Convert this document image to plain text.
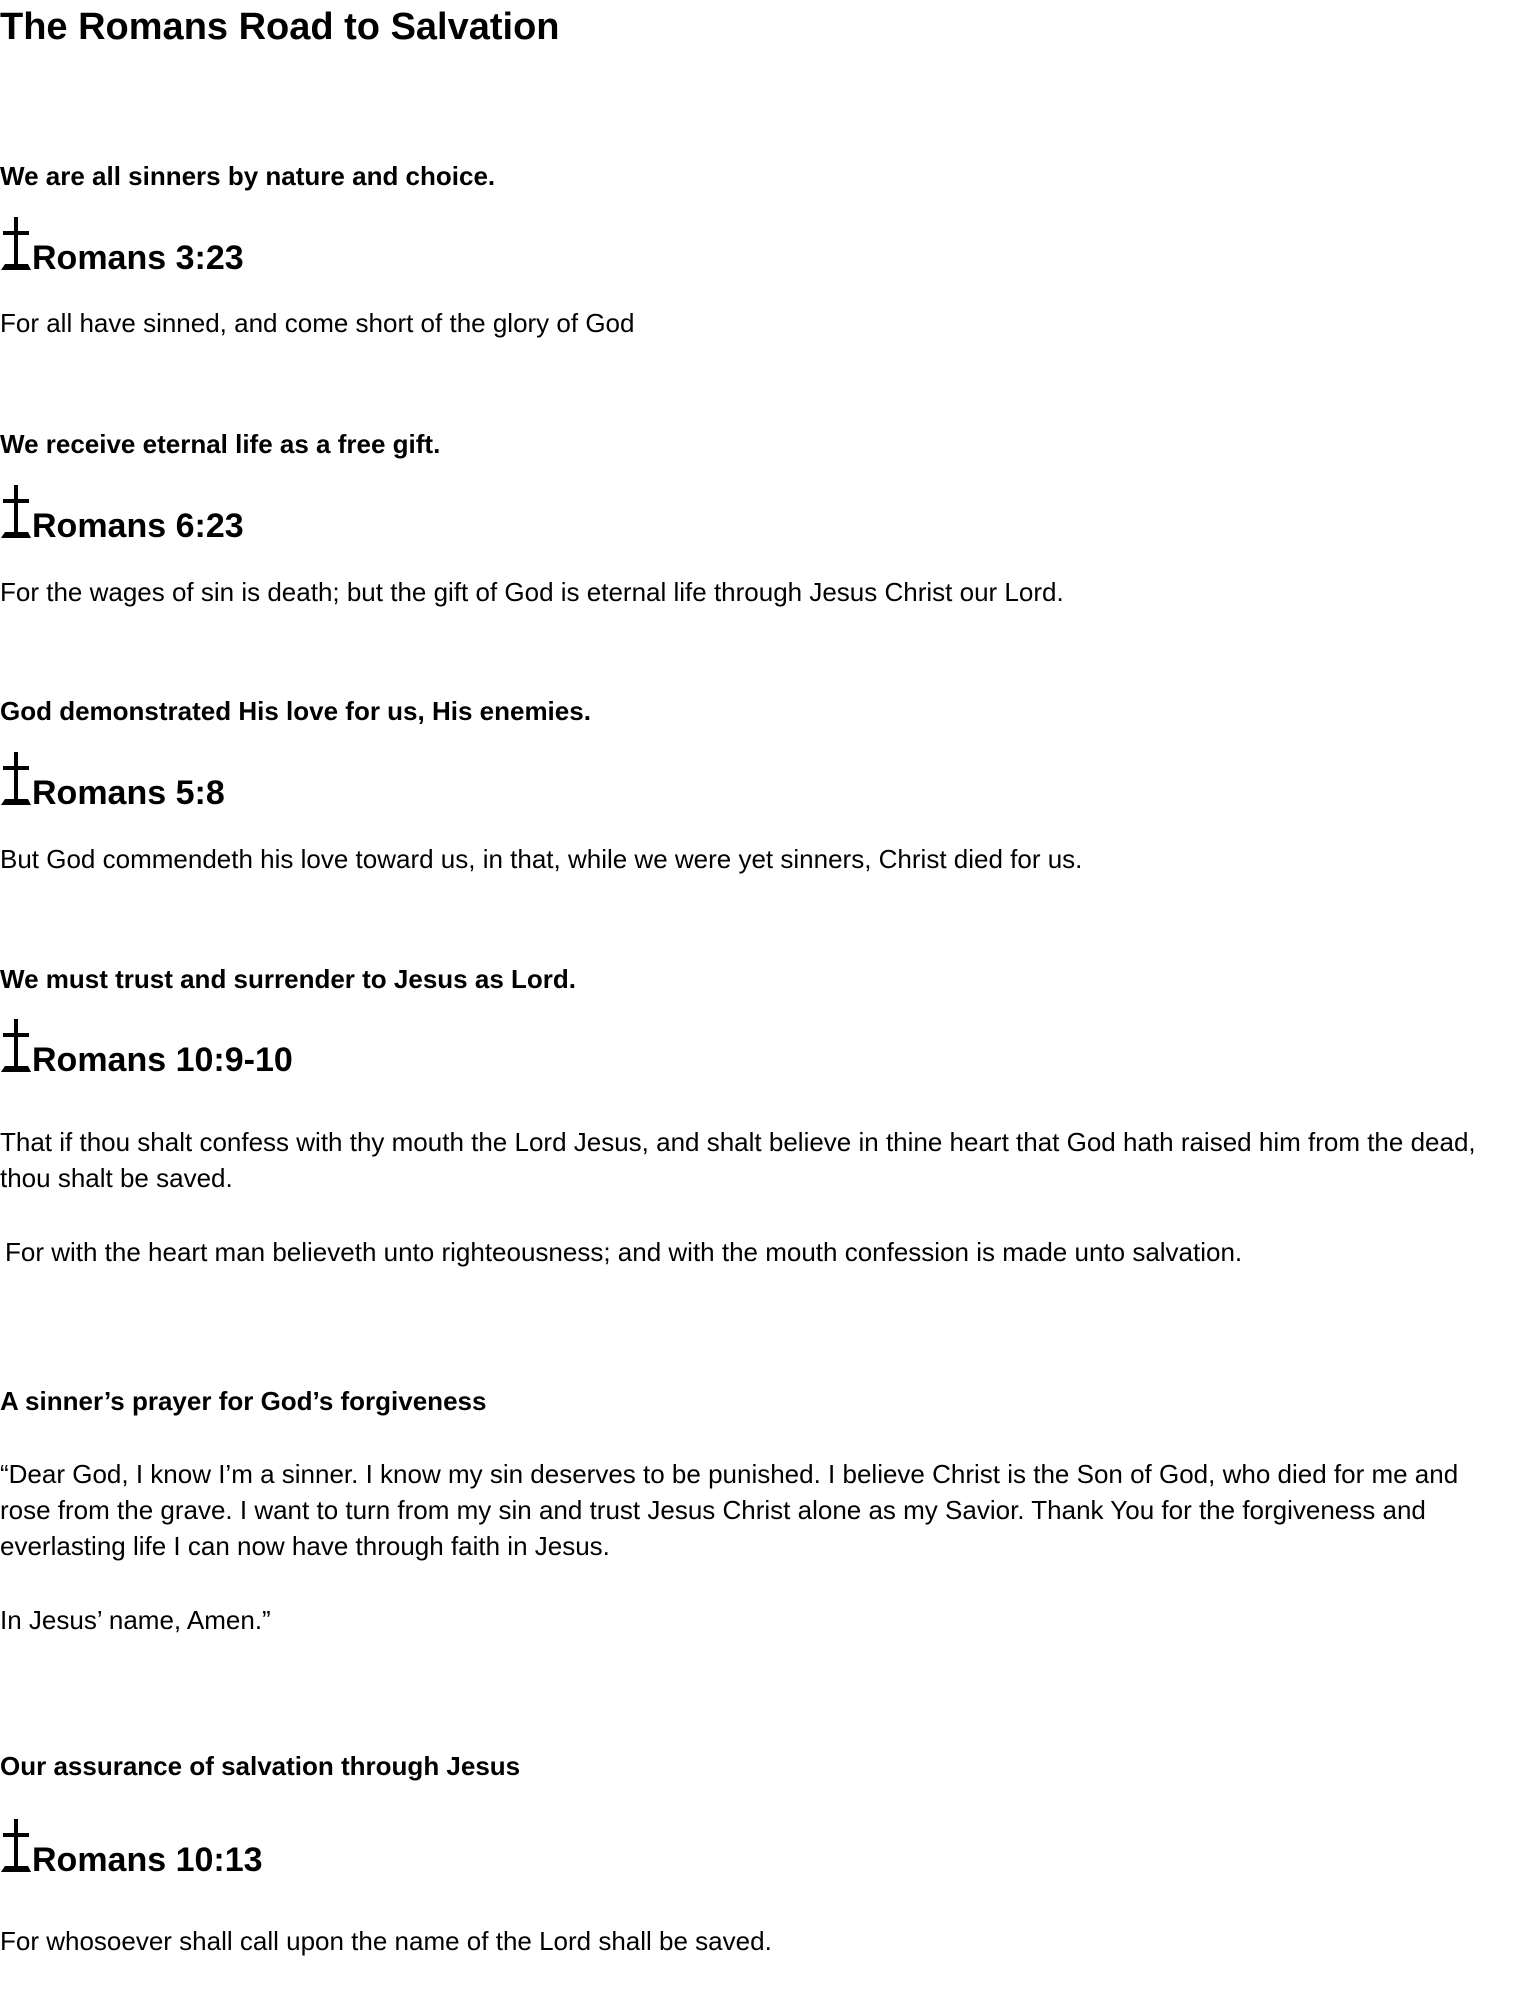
The Romans Road to Salvation
We are all sinners by nature and choice.
Romans 3:23

For all have sinned, and come short of the glory of God

We receive eternal life as a free gift.
Romans 6:23

For the wages of sin is death; but the gift of God is eternal life through Jesus Christ our Lord.

God demonstrated His love for us, His enemies.
Romans 5:8

But God commendeth his love toward us, in that, while we were yet sinners, Christ died for us.

We must trust and surrender to Jesus as Lord.
Romans 10:9-10

That if thou shalt confess with thy mouth the Lord Jesus, and shalt believe in thine heart that God hath raised him from the dead, thou shalt be saved.

For with the heart man believeth unto righteousness; and with the mouth confession is made unto salvation.

A sinner’s prayer for God’s forgiveness

“Dear God, I know I’m a sinner. I know my sin deserves to be punished. I believe Christ is the Son of God, who died for me and rose from the grave. I want to turn from my sin and trust Jesus Christ alone as my Savior. Thank You for the forgiveness and everlasting life I can now have through faith in Jesus.

In Jesus’ name, Amen.”

Our assurance of salvation through Jesus
Romans 10:13

For whosoever shall call upon the name of the Lord shall be saved.
